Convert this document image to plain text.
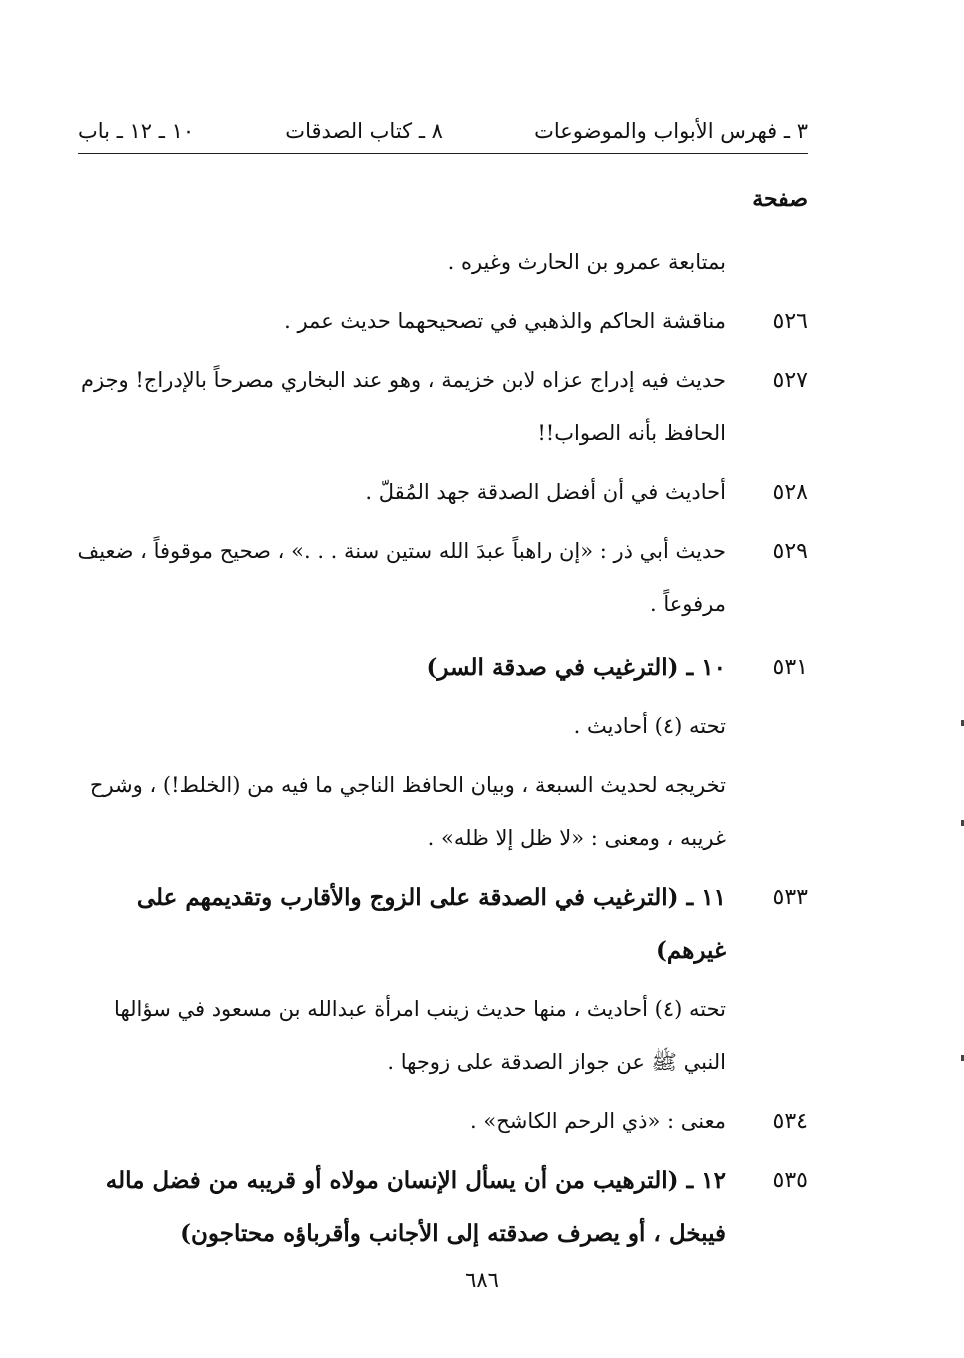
٣ ـ فهرس الأبواب والموضوعات
٨ ـ كتاب الصدقات
١٠ ـ ١٢ ـ باب
صفحة
بمتابعة عمرو بن الحارث وغيره .
٥٢٦
مناقشة الحاكم والذهبي في تصحيحهما حديث عمر .
٥٢٧
حديث فيه إدراج عزاه لابن خزيمة ، وهو عند البخاري مصرحاً بالإدراج! وجزم
الحافظ بأنه الصواب!!
٥٢٨
أحاديث في أن أفضل الصدقة جهد المُقلّ .
٥٢٩
حديث أبي ذر : «إن راهباً عبدَ الله ستين سنة . . .» ، صحيح موقوفاً ، ضعيف
مرفوعاً .
٥٣١
١٠ ـ (الترغيب في صدقة السر)
تحته (٤) أحاديث .
تخريجه لحديث السبعة ، وبيان الحافظ الناجي ما فيه من (الخلط!) ، وشرح
غريبه ، ومعنى : «لا ظل إلا ظله» .
٥٣٣
١١ ـ (الترغيب في الصدقة على الزوج والأقارب وتقديمهم على
غيرهم)
تحته (٤) أحاديث ، منها حديث زينب امرأة عبدالله بن مسعود في سؤالها
النبي ﷺ عن جواز الصدقة على زوجها .
٥٣٤
معنى : «ذي الرحم الكاشح» .
٥٣٥
١٢ ـ (الترهيب من أن يسأل الإنسان مولاه أو قريبه من فضل ماله
فيبخل ، أو يصرف صدقته إلى الأجانب وأقرباؤه محتاجون)
٦٨٦
